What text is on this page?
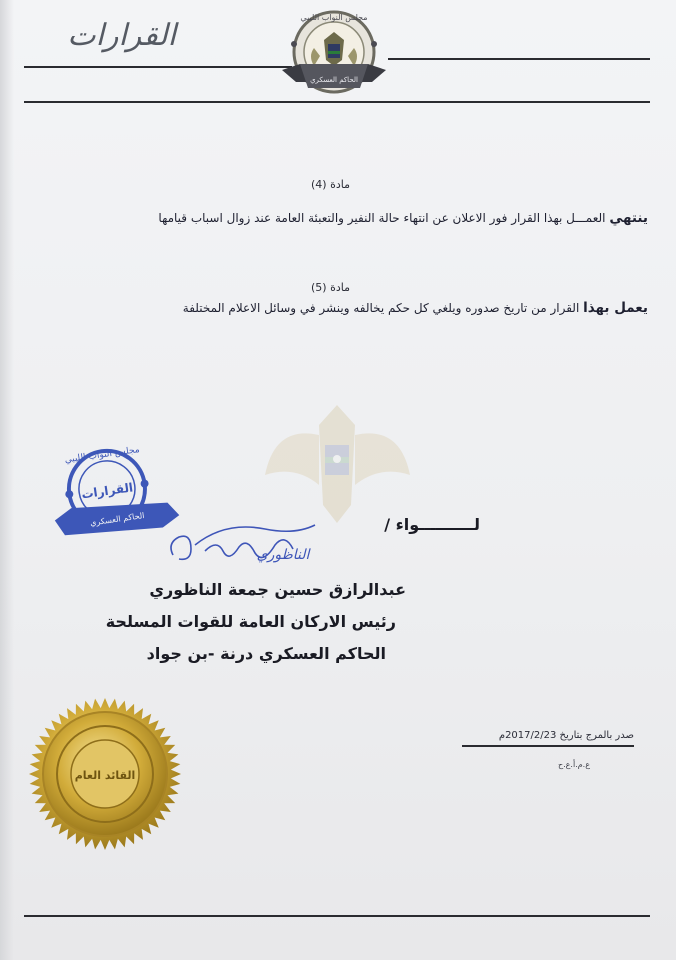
القرارات
مجلس النواب الليبي
الحاكم العسكري
مادة (4)
ينتهي العمـــل بهذا القرار فور الاعلان عن انتهاء حالة النفير والتعبئة العامة عند زوال اسباب قيامها
مادة (5)
يعمل بهذا القرار من تاريخ صدوره ويلغي كل حكم يخالفه وينشر في وسائل الاعلام المختلفة
مجلس النواب الليبي
القرارات
الحاكم العسكري	لــــــــــواء /
الناظوري
عبدالرازق حسين جمعة الناظوري
رئيس الاركان العامة للقوات المسلحة
الحاكم العسكري درنة -بن جواد
صدر بالمرج بتاريخ 2017/2/23م
ع.م.أ.ع.ح
القائد العام
